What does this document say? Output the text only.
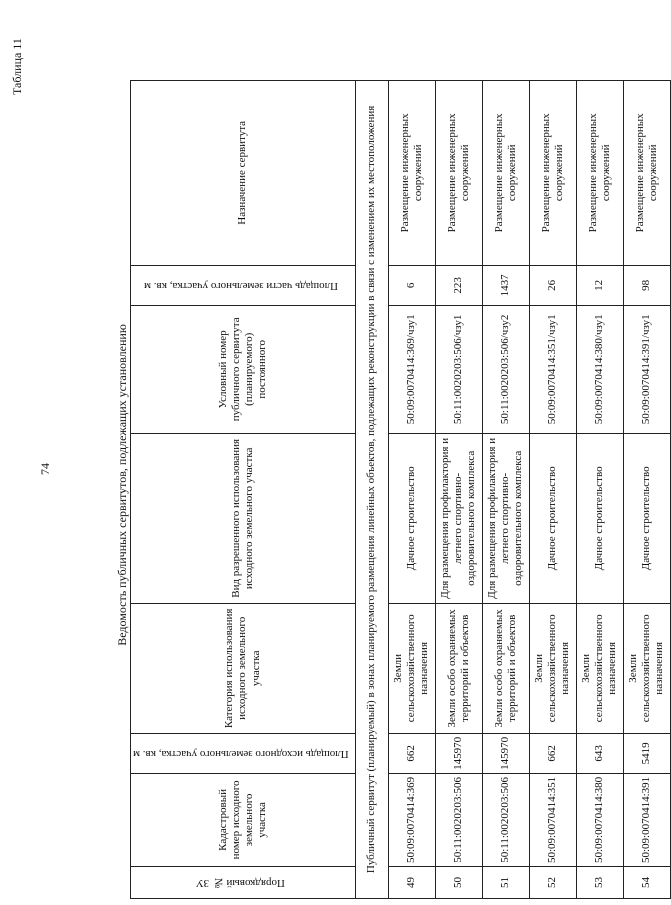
74
Таблица 11
Ведомость публичных сервитутов, подлежащих установлению
Порядковый № ЗУ	Кадастровый номер исходного земельного участка	Площадь исходного земельного участка, кв. м	Категория использования исходного земельного участка	Вид разрешенного использования исходного земельного участка	Условный номер публичного сервитута (планируемого) постоянного	Площадь части земельного участка, кв. м	Назначение сервитута
Публичный сервитут (планируемый) в зонах планируемого размещения линейных объектов, подлежащих реконструкции в связи с изменением их местоположения							
49	50:09:0070414:369	662	Земли сельскохозяйственного назначения	Дачное строительство	50:09:0070414:369/чзу1	6	Размещение инженерных сооружений
50	50:11:0020203:506	145970	Земли особо охраняемых территорий и объектов	Для размещения профилактория и летнего спортивно-оздоровительного комплекса	50:11:0020203:506/чзу1	223	Размещение инженерных сооружений
51	50:11:0020203:506	145970	Земли особо охраняемых территорий и объектов	Для размещения профилактория и летнего спортивно-оздоровительного комплекса	50:11:0020203:506/чзу2	1437	Размещение инженерных сооружений
52	50:09:0070414:351	662	Земли сельскохозяйственного назначения	Дачное строительство	50:09:0070414:351/чзу1	26	Размещение инженерных сооружений
53	50:09:0070414:380	643	Земли сельскохозяйственного назначения	Дачное строительство	50:09:0070414:380/чзу1	12	Размещение инженерных сооружений
54	50:09:0070414:391	5419	Земли сельскохозяйственного назначения	Дачное строительство	50:09:0070414:391/чзу1	98	Размещение инженерных сооружений
